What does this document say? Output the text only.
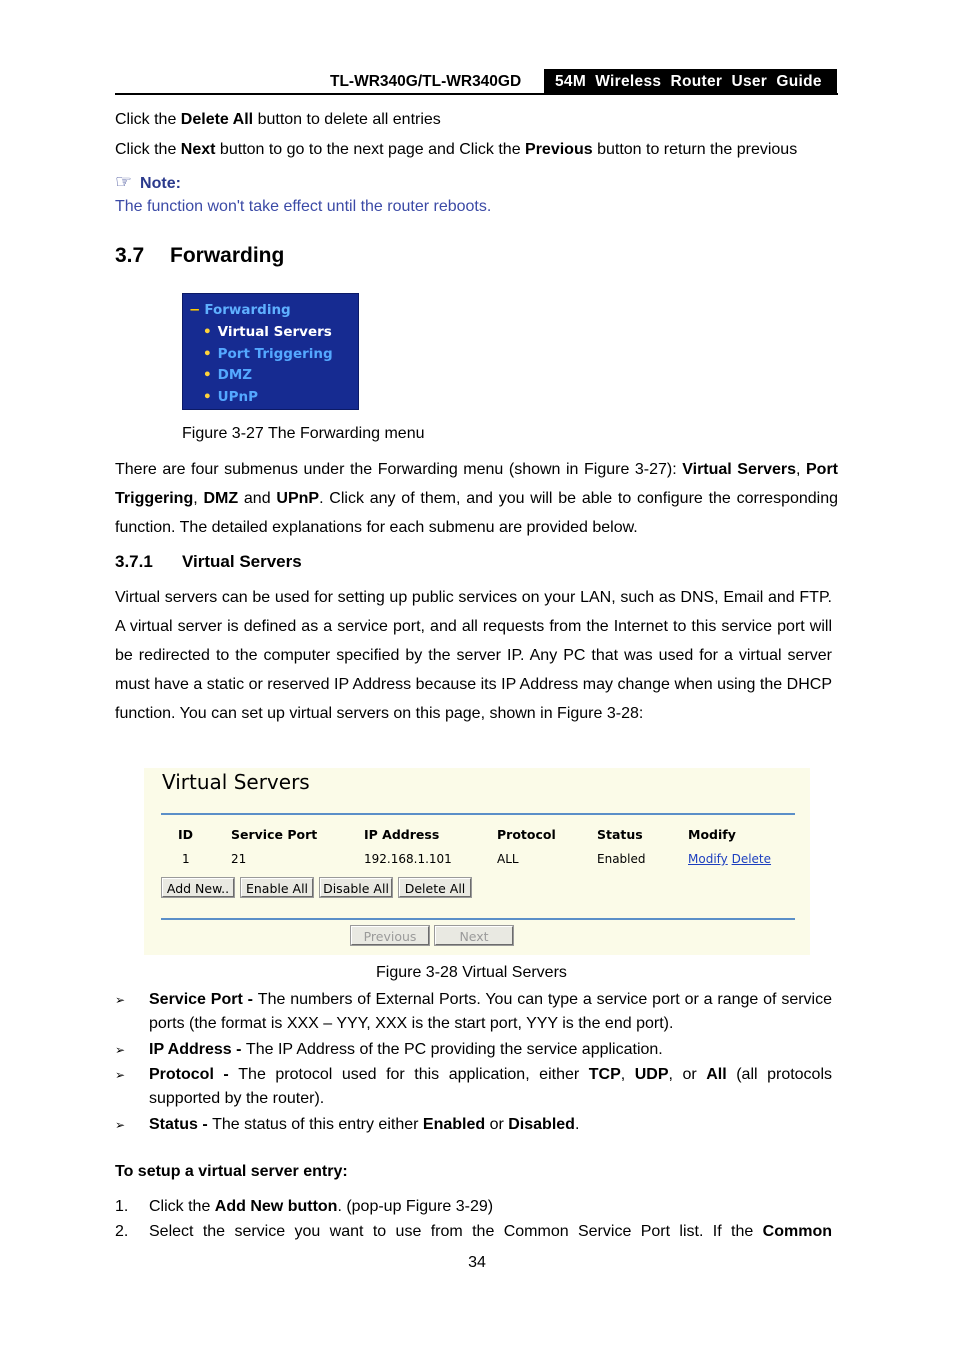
TL-WR340G/TL-WR340GD	54M  Wireless  Router  User  Guide
Click the Delete All button to delete all entries
Click the Next button to go to the next page and Click the Previous button to return the previous
☞ Note:
The function won't take effect until the router reboots.
3.7 Forwarding
− Forwarding
• Virtual Servers
• Port Triggering
• DMZ
• UPnP
Figure 3-27 The Forwarding menu
There are four submenus under the Forwarding menu (shown in Figure 3-27): Virtual Servers, Port Triggering, DMZ and UPnP. Click any of them, and you will be able to configure the corresponding function. The detailed explanations for each submenu are provided below.
3.7.1 Virtual Servers
Virtual servers can be used for setting up public services on your LAN, such as DNS, Email and FTP. A virtual server is defined as a service port, and all requests from the Internet to this service port will be redirected to the computer specified by the server IP. Any PC that was used for a virtual server must have a static or reserved IP Address because its IP Address may change when using the DHCP function. You can set up virtual servers on this page, shown in Figure 3-28:
Virtual Servers
ID	Service Port	IP Address	Protocol	Status	Modify
1	21	192.168.1.101	ALL	Enabled	Modify Delete
Add New..	Enable All	Disable All	Delete All
Previous	Next
Figure 3-28 Virtual Servers
➢ Service Port - The numbers of External Ports. You can type a service port or a range of service ports (the format is XXX – YYY, XXX is the start port, YYY is the end port).
➢ IP Address - The IP Address of the PC providing the service application.
➢ Protocol - The protocol used for this application, either TCP, UDP, or All (all protocols supported by the router).
➢ Status - The status of this entry either Enabled or Disabled.
To setup a virtual server entry:
1. Click the Add New button. (pop-up Figure 3-29)
2. Select the service you want to use from the Common Service Port list. If the Common
34
